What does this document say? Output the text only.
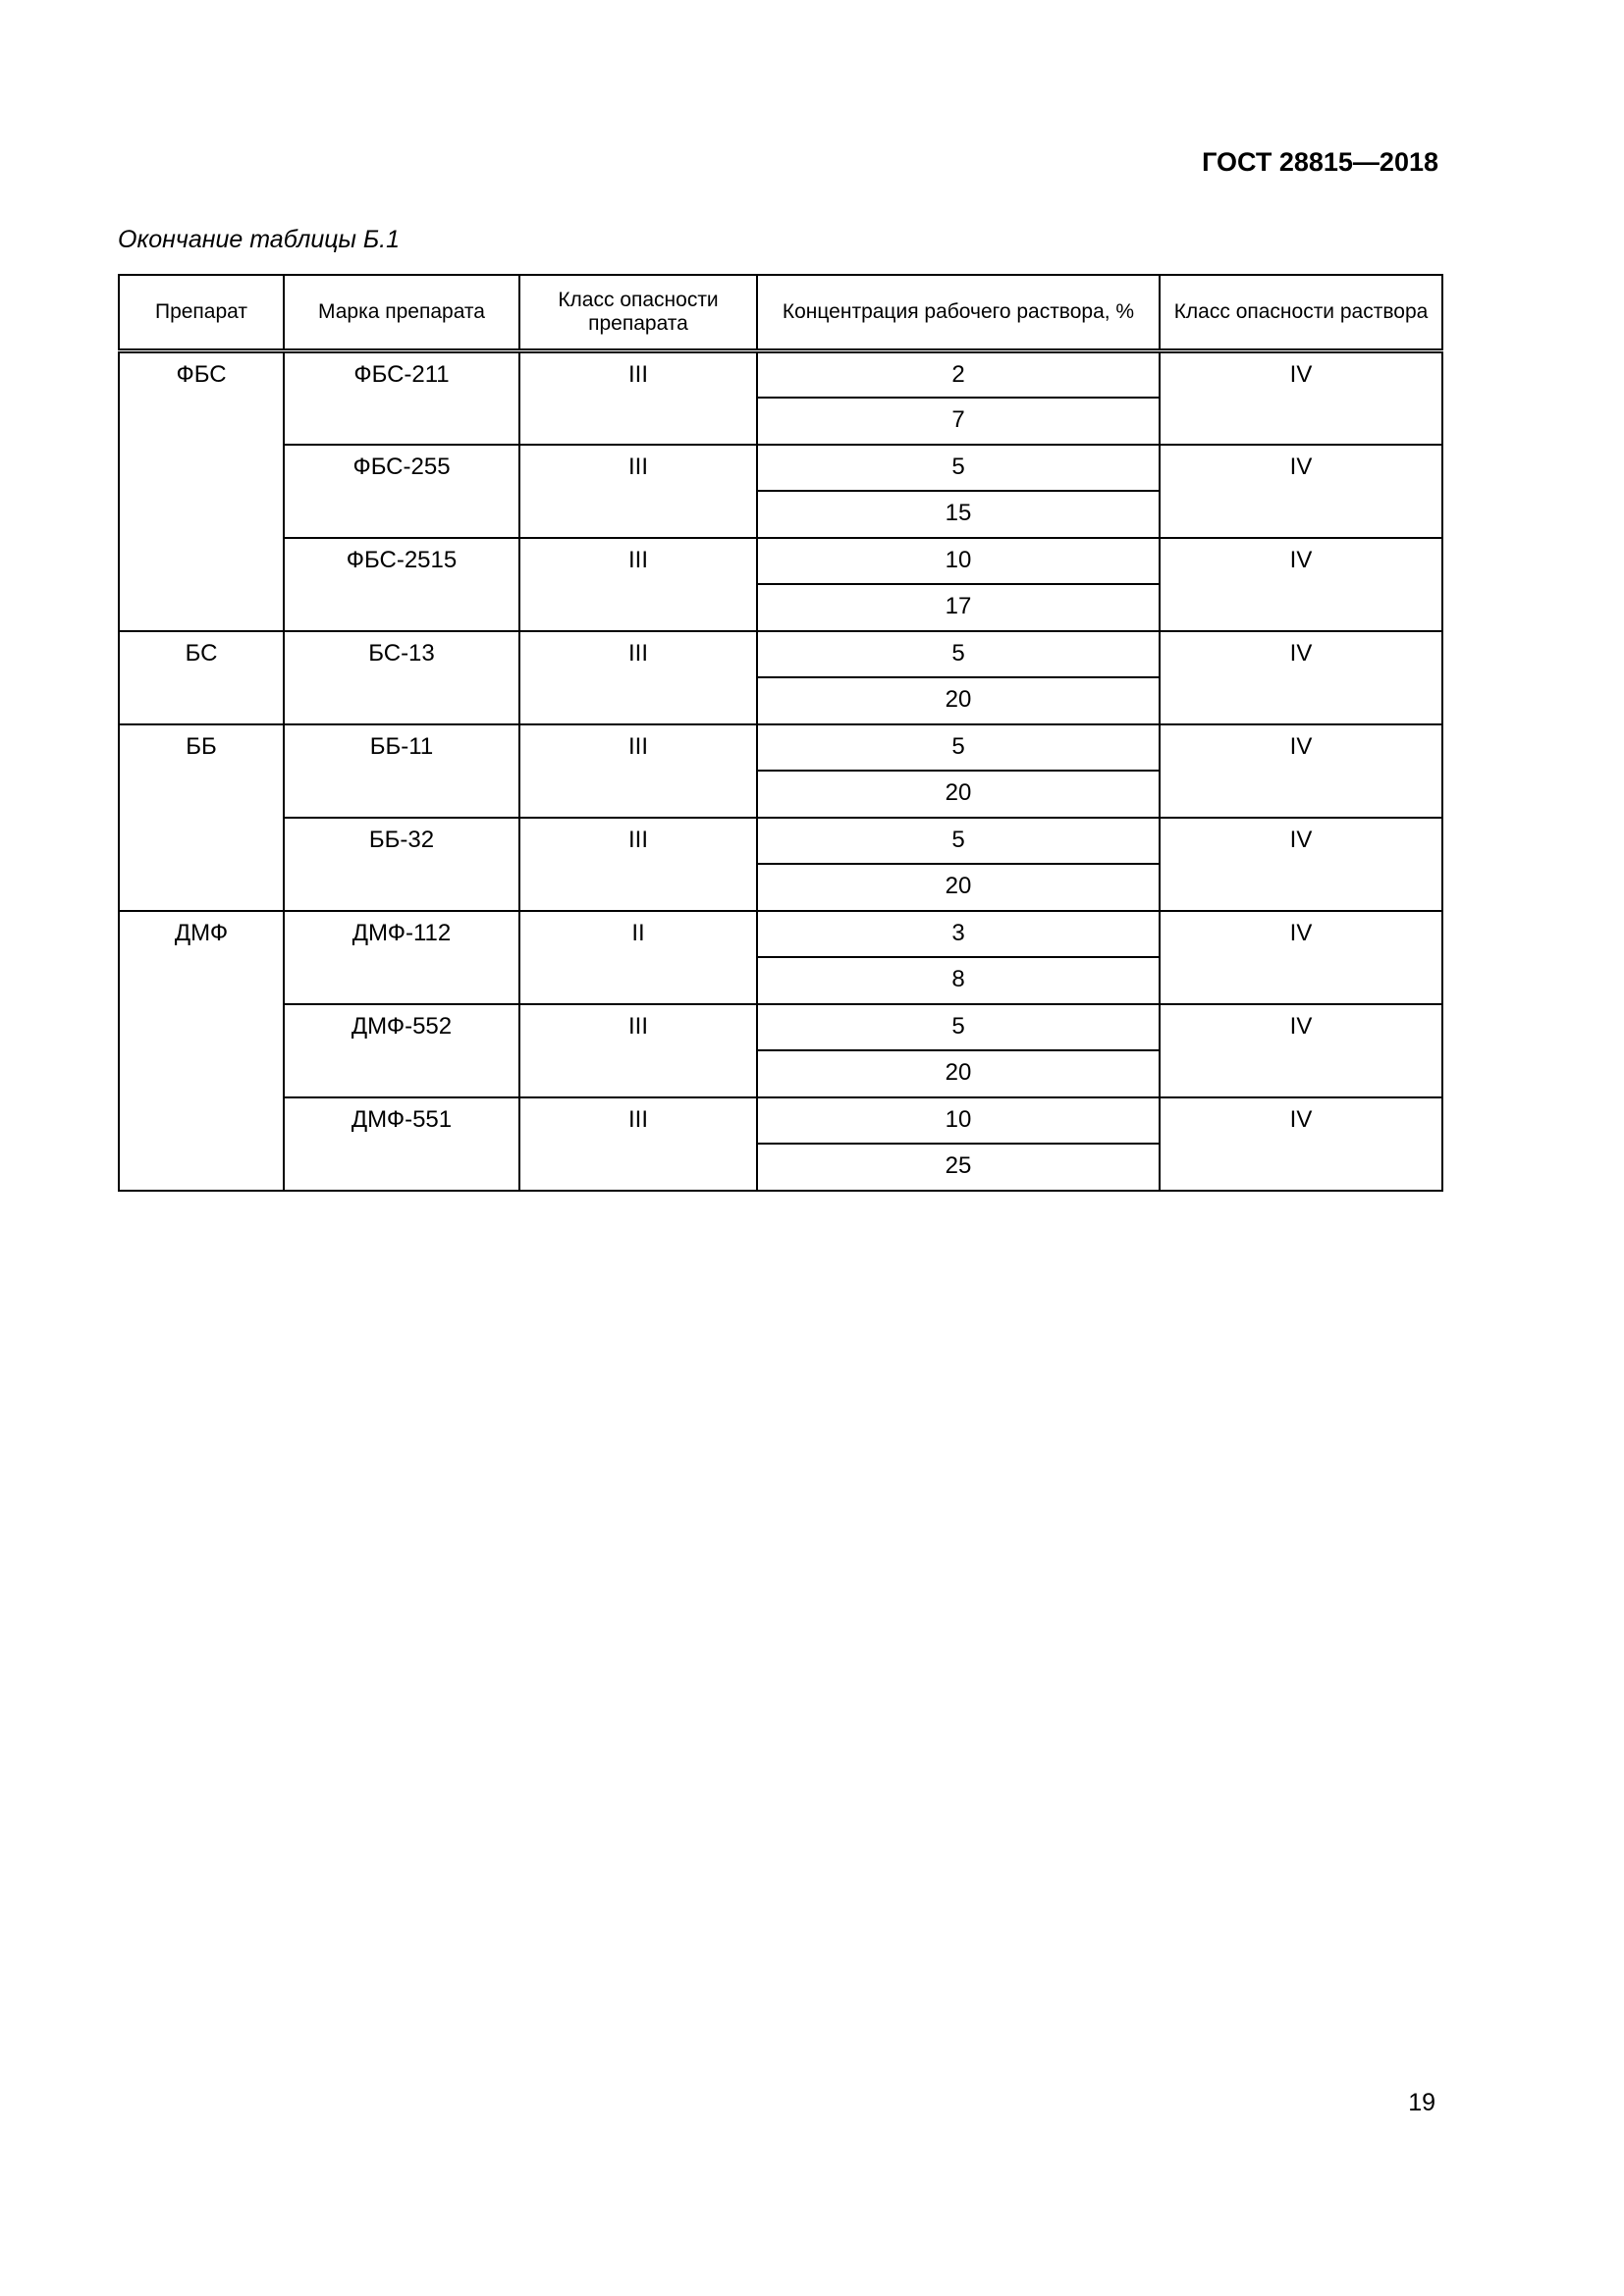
ГОСТ 28815—2018
Окончание таблицы Б.1
Препарат	Марка препарата	Класс опасности препарата	Концентрация рабочего раствора, %	Класс опасности раствора
ФБС	ФБС-211	III	2	IV
			7	
	ФБС-255	III	5	IV
			15	
	ФБС-2515	III	10	IV
			17	
БС	БС-13	III	5	IV
			20	
ББ	ББ-11	III	5	IV
			20	
	ББ-32	III	5	IV
			20	
ДМФ	ДМФ-112	II	3	IV
			8	
	ДМФ-552	III	5	IV
			20	
	ДМФ-551	III	10	IV
			25	
19
